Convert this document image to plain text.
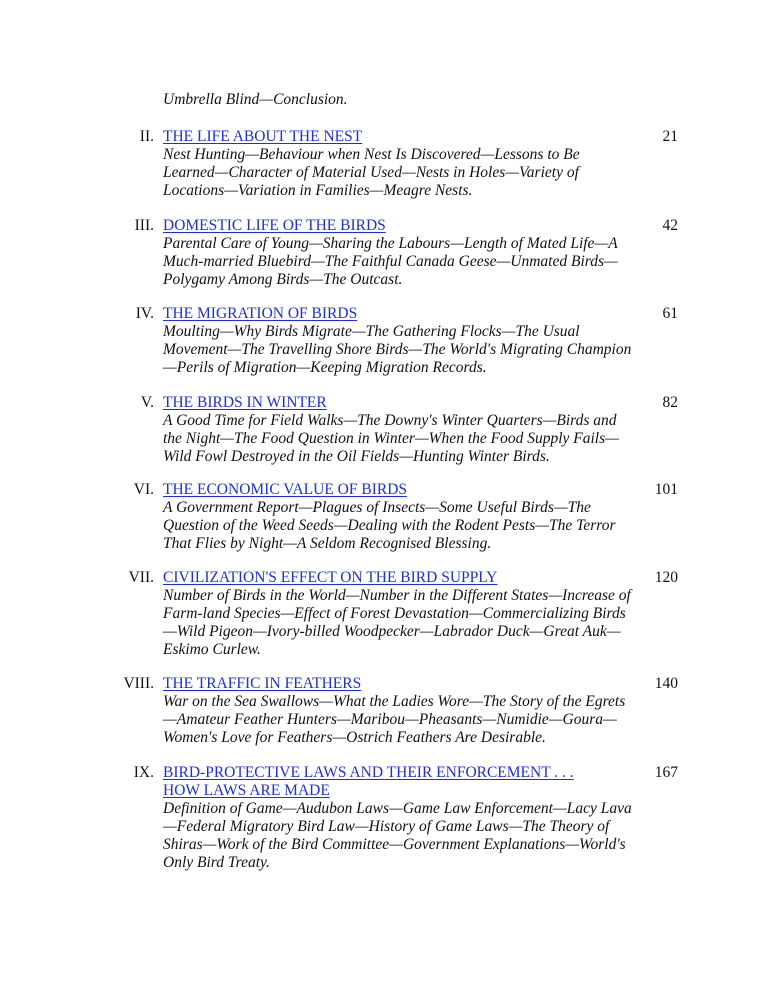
Umbrella Blind—Conclusion.
II. THE LIFE ABOUT THE NEST

Nest Hunting—Behaviour when Nest Is Discovered—Lessons to Be Learned—Character of Material Used—Nests in Holes—Variety of Locations—Variation in Families—Meagre Nests.

21
III. DOMESTIC LIFE OF THE BIRDS

Parental Care of Young—Sharing the Labours—Length of Mated Life—A Much-married Bluebird—The Faithful Canada Geese—Unmated Birds—Polygamy Among Birds—The Outcast.

42
IV. THE MIGRATION OF BIRDS

Moulting—Why Birds Migrate—The Gathering Flocks—The Usual Movement—The Travelling Shore Birds—The World's Migrating Champion—Perils of Migration—Keeping Migration Records.

61
V. THE BIRDS IN WINTER

A Good Time for Field Walks—The Downy's Winter Quarters—Birds and the Night—The Food Question in Winter—When the Food Supply Fails—Wild Fowl Destroyed in the Oil Fields—Hunting Winter Birds.

82
VI. THE ECONOMIC VALUE OF BIRDS

A Government Report—Plagues of Insects—Some Useful Birds—The Question of the Weed Seeds—Dealing with the Rodent Pests—The Terror That Flies by Night—A Seldom Recognised Blessing.

101
VII. CIVILIZATION'S EFFECT ON THE BIRD SUPPLY

Number of Birds in the World—Number in the Different States—Increase of Farm-land Species—Effect of Forest Devastation—Commercializing Birds—Wild Pigeon—Ivory-billed Woodpecker—Labrador Duck—Great Auk—Eskimo Curlew.

120
VIII. THE TRAFFIC IN FEATHERS

War on the Sea Swallows—What the Ladies Wore—The Story of the Egrets—Amateur Feather Hunters—Maribou—Pheasants—Numidie—Goura—Women's Love for Feathers—Ostrich Feathers Are Desirable.

140
IX. BIRD-PROTECTIVE LAWS AND THEIR ENFORCEMENT . . . HOW LAWS ARE MADE

Definition of Game—Audubon Laws—Game Law Enforcement—Lacy Lava—Federal Migratory Bird Law—History of Game Laws—The Theory of Shiras—Work of the Bird Committee—Government Explanations—World's Only Bird Treaty.

167
